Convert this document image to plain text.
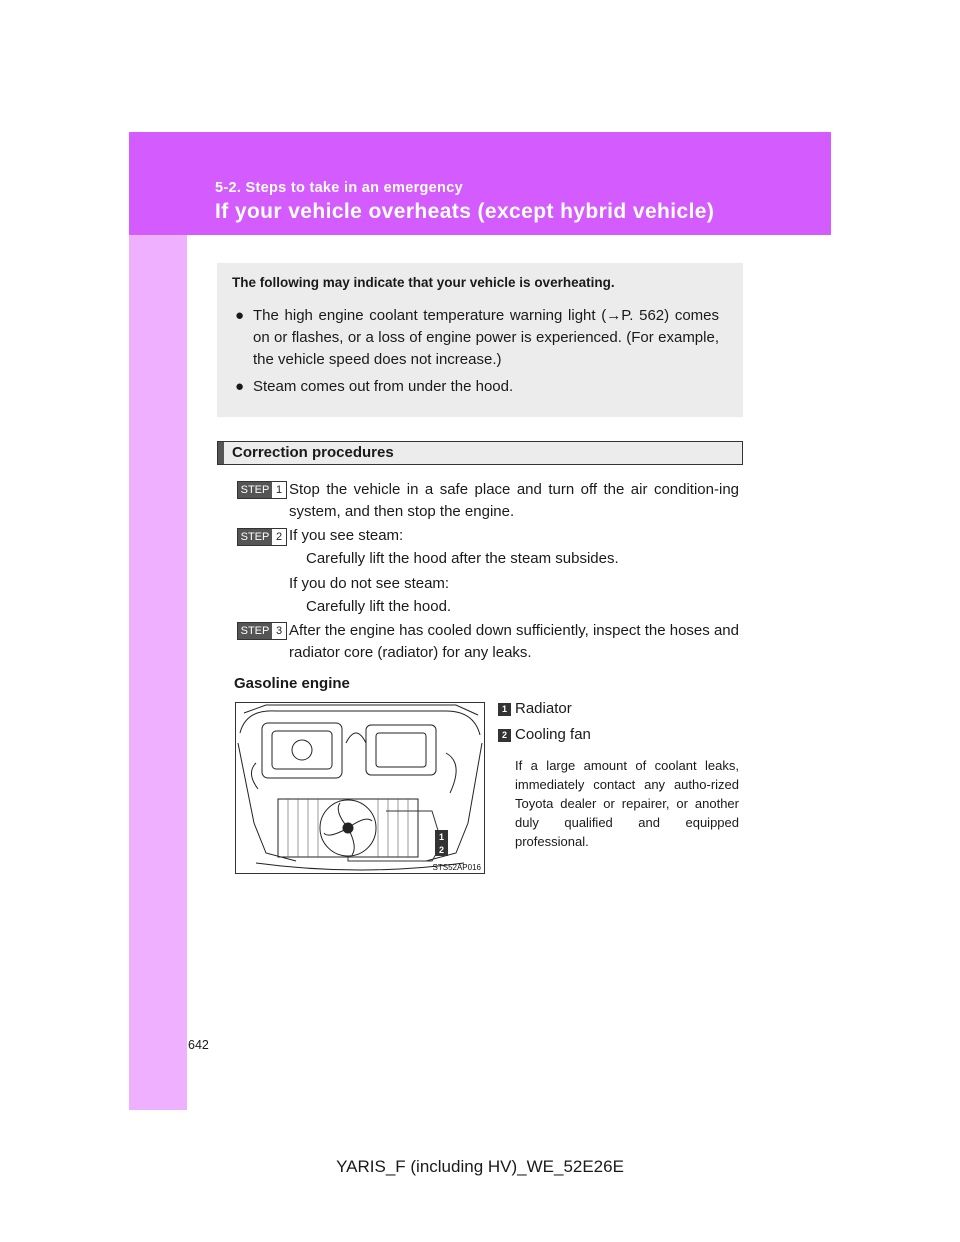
5-2. Steps to take in an emergency
If your vehicle overheats (except hybrid vehicle)
The following may indicate that your vehicle is overheating.
● The high engine coolant temperature warning light (→P. 562) comes on or flashes, or a loss of engine power is experienced. (For example, the vehicle speed does not increase.)
● Steam comes out from under the hood.
Correction procedures
STEP 1 Stop the vehicle in a safe place and turn off the air condition-ing system, and then stop the engine.
STEP 2 If you see steam:
Carefully lift the hood after the steam subsides.
If you do not see steam:
Carefully lift the hood.
STEP 3 After the engine has cooled down sufficiently, inspect the hoses and radiator core (radiator) for any leaks.
Gasoline engine
1
2
STS52AP016
1 Radiator
2 Cooling fan
If a large amount of coolant leaks, immediately contact any autho-rized Toyota dealer or repairer, or another duly qualified and equipped professional.
642
YARIS_F (including HV)_WE_52E26E
